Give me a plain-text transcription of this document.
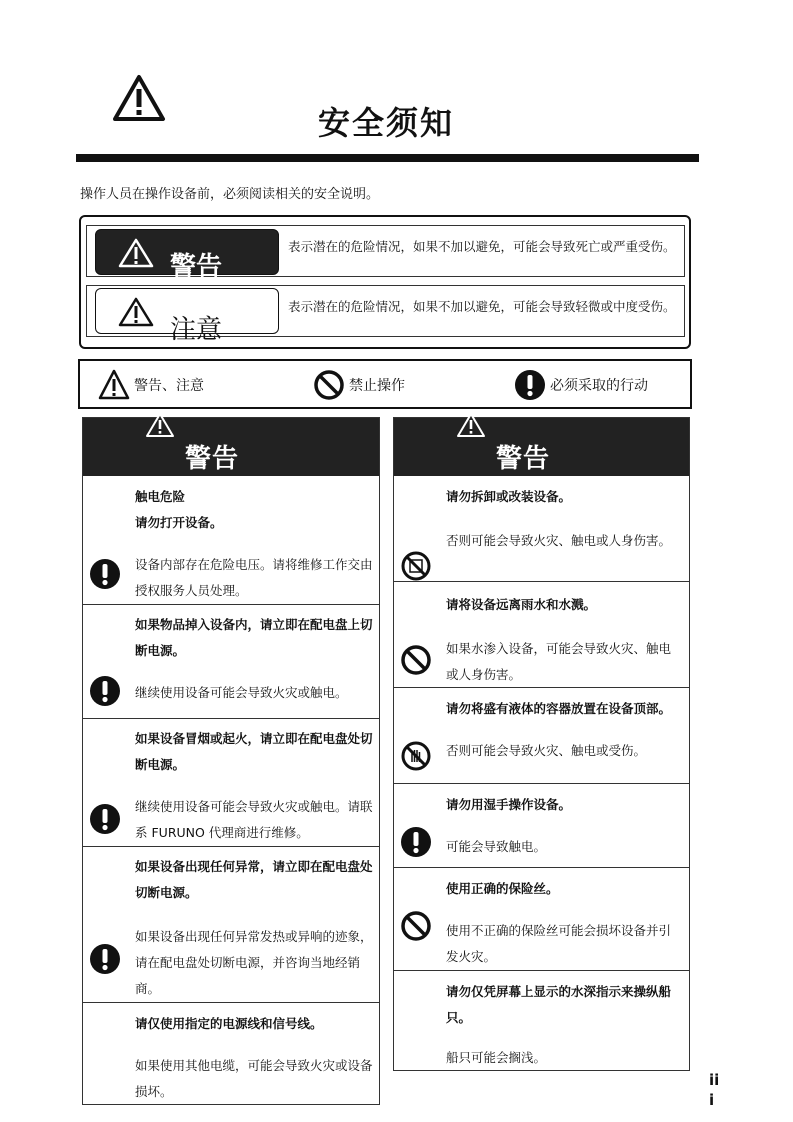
安全须知
操作人员在操作设备前，必须阅读相关的安全说明。
警告
表示潜在的危险情况，如果不加以避免，可能会导致死亡或严重受伤。
注意
表示潜在的危险情况，如果不加以避免，可能会导致轻微或中度受伤。
警告、注意	禁止操作	必须采取的行动
警告
触电危险
请勿打开设备。
设备内部存在危险电压。请将维修工作交由授权服务人员处理。
如果物品掉入设备内，请立即在配电盘上切断电源。
继续使用设备可能会导致火灾或触电。
如果设备冒烟或起火，请立即在配电盘处切断电源。
继续使用设备可能会导致火灾或触电。请联系 FURUNO 代理商进行维修。
如果设备出现任何异常，请立即在配电盘处切断电源。
如果设备出现任何异常发热或异响的迹象，请在配电盘处切断电源，并咨询当地经销商。
请仅使用指定的电源线和信号线。
如果使用其他电缆，可能会导致火灾或设备损坏。
警告
请勿拆卸或改装设备。
否则可能会导致火灾、触电或人身伤害。
请将设备远离雨水和水溅。
如果水渗入设备，可能会导致火灾、触电或人身伤害。
请勿将盛有液体的容器放置在设备顶部。
否则可能会导致火灾、触电或受伤。
请勿用湿手操作设备。
可能会导致触电。
使用正确的保险丝。
使用不正确的保险丝可能会损坏设备并引发火灾。
请勿仅凭屏幕上显示的水深指示来操纵船只。
船只可能会搁浅。
iii
